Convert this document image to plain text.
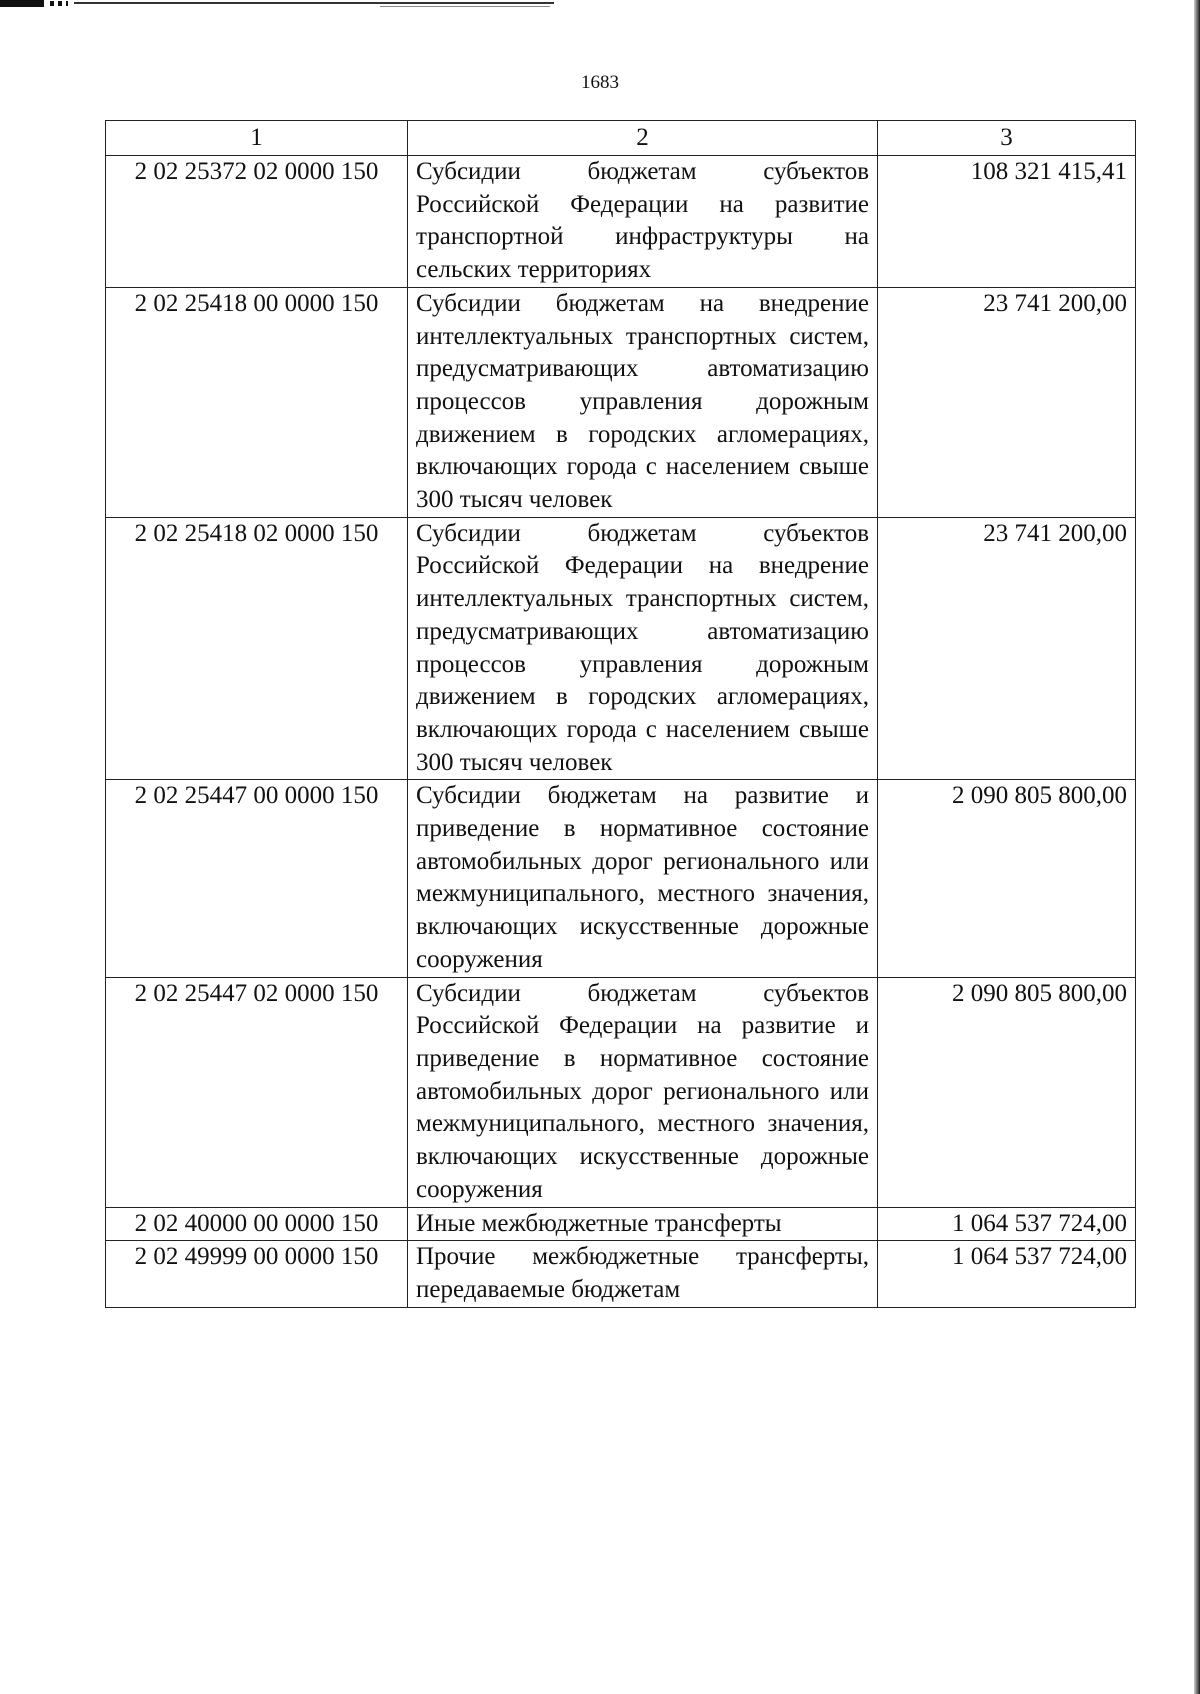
1683
1	2	3
2 02 25372 02 0000 150	Субсидии бюджетам субъектов Российской Федерации на развитие транспортной инфраструктуры на сельских территориях	108 321 415,41
2 02 25418 00 0000 150	Субсидии бюджетам на внедрение интеллектуальных транспортных систем, предусматривающих автоматизацию процессов управления дорожным движением в городских агломерациях, включающих города с населением свыше 300 тысяч человек	23 741 200,00
2 02 25418 02 0000 150	Субсидии бюджетам субъектов Российской Федерации на внедрение интеллектуальных транспортных систем, предусматривающих автоматизацию процессов управления дорожным движением в городских агломерациях, включающих города с населением свыше 300 тысяч человек	23 741 200,00
2 02 25447 00 0000 150	Субсидии бюджетам на развитие и приведение в нормативное состояние автомобильных дорог регионального или межмуниципального, местного значения, включающих искусственные дорожные сооружения	2 090 805 800,00
2 02 25447 02 0000 150	Субсидии бюджетам субъектов Российской Федерации на развитие и приведение в нормативное состояние автомобильных дорог регионального или межмуниципального, местного значения, включающих искусственные дорожные сооружения	2 090 805 800,00
2 02 40000 00 0000 150	Иные межбюджетные трансферты	1 064 537 724,00
2 02 49999 00 0000 150	Прочие межбюджетные трансферты, передаваемые бюджетам	1 064 537 724,00
